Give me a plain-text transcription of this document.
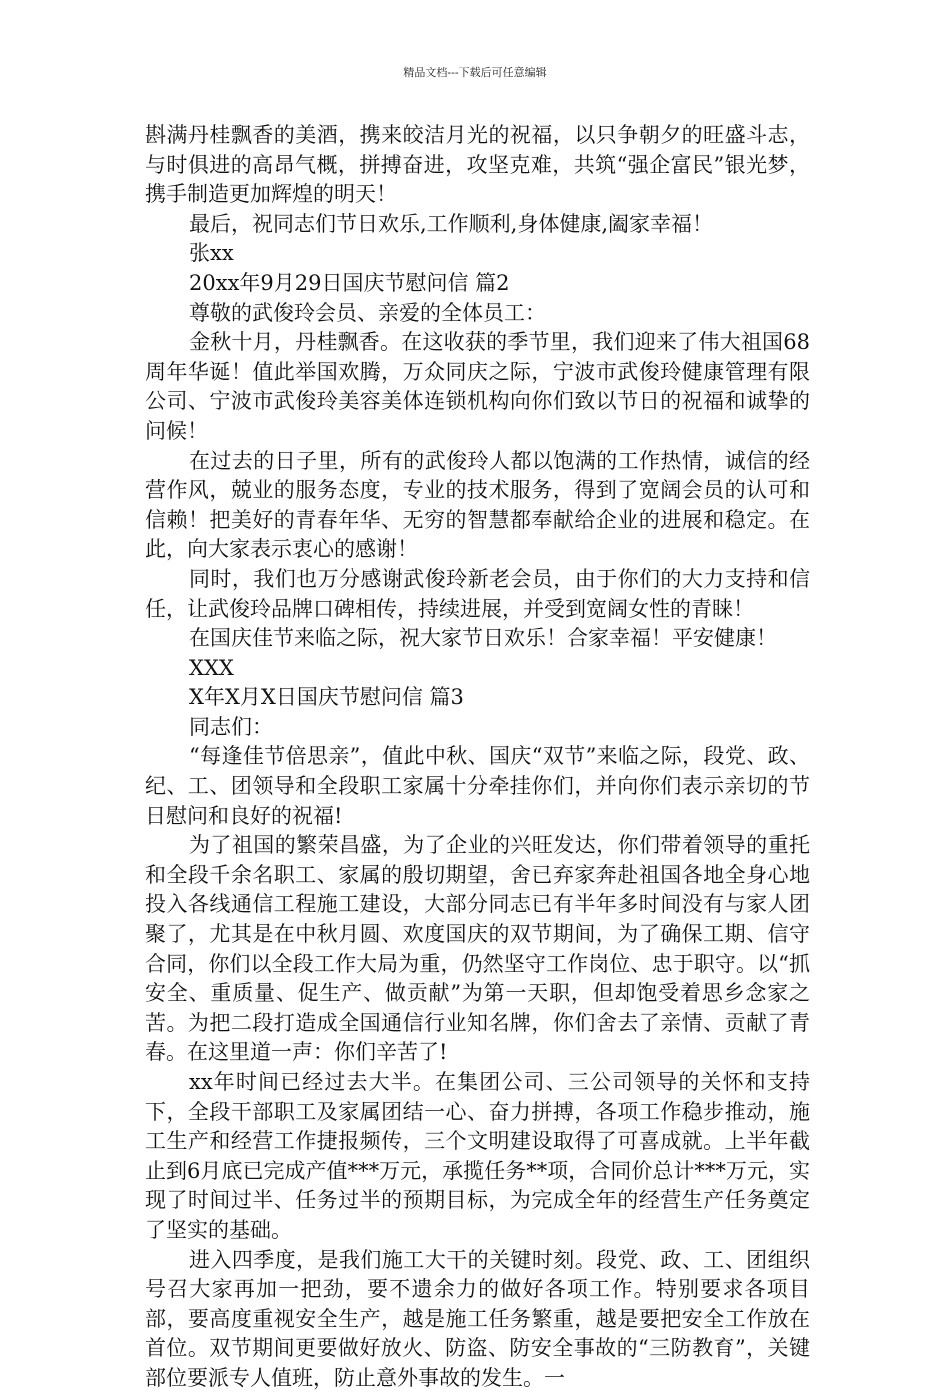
精品文档---下载后可任意编辑

斟满丹桂飘香的美酒，携来皎洁月光的祝福，以只争朝夕的旺盛斗志，与时俱进的高昂气概，拼搏奋进，攻坚克难，共筑“强企富民”银光梦，携手制造更加辉煌的明天！

最后，祝同志们节日欢乐,工作顺利,身体健康,阖家幸福！

张xx

20xx年9月29日国庆节慰问信 篇2

尊敬的武俊玲会员、亲爱的全体员工：

金秋十月，丹桂飘香。在这收获的季节里，我们迎来了伟大祖国68周年华诞！值此举国欢腾，万众同庆之际，宁波市武俊玲健康管理有限公司、宁波市武俊玲美容美体连锁机构向你们致以节日的祝福和诚挚的问候！

在过去的日子里，所有的武俊玲人都以饱满的工作热情，诚信的经营作风，兢业的服务态度，专业的技术服务，得到了宽阔会员的认可和信赖！把美好的青春年华、无穷的智慧都奉献给企业的进展和稳定。在此，向大家表示衷心的感谢！

同时，我们也万分感谢武俊玲新老会员，由于你们的大力支持和信任，让武俊玲品牌口碑相传，持续进展，并受到宽阔女性的青睐！

在国庆佳节来临之际，祝大家节日欢乐！合家幸福！平安健康！

XXX

X年X月X日国庆节慰问信 篇3

同志们：

“每逢佳节倍思亲”，值此中秋、国庆“双节”来临之际，段党、政、纪、工、团领导和全段职工家属十分牵挂你们，并向你们表示亲切的节日慰问和良好的祝福!

为了祖国的繁荣昌盛，为了企业的兴旺发达，你们带着领导的重托和全段千余名职工、家属的殷切期望，舍已弃家奔赴祖国各地全身心地投入各线通信工程施工建设，大部分同志已有半年多时间没有与家人团聚了，尤其是在中秋月圆、欢度国庆的双节期间，为了确保工期、信守合同，你们以全段工作大局为重，仍然坚守工作岗位、忠于职守。以“抓安全、重质量、促生产、做贡献”为第一天职，但却饱受着思乡念家之苦。为把二段打造成全国通信行业知名牌，你们舍去了亲情、贡献了青春。在这里道一声：你们辛苦了!

xx年时间已经过去大半。在集团公司、三公司领导的关怀和支持下，全段干部职工及家属团结一心、奋力拼搏，各项工作稳步推动，施工生产和经营工作捷报频传，三个文明建设取得了可喜成就。上半年截止到6月底已完成产值***万元，承揽任务**项，合同价总计***万元，实现了时间过半、任务过半的预期目标，为完成全年的经营生产任务奠定了坚实的基础。

进入四季度，是我们施工大干的关键时刻。段党、政、工、团组织号召大家再加一把劲，要不遗余力的做好各项工作。特别要求各项目部，要高度重视安全生产，越是施工任务繁重，越是要把安全工作放在首位。双节期间更要做好放火、防盗、防安全事故的“三防教育”，关键部位要派专人值班，防止意外事故的发生。一
